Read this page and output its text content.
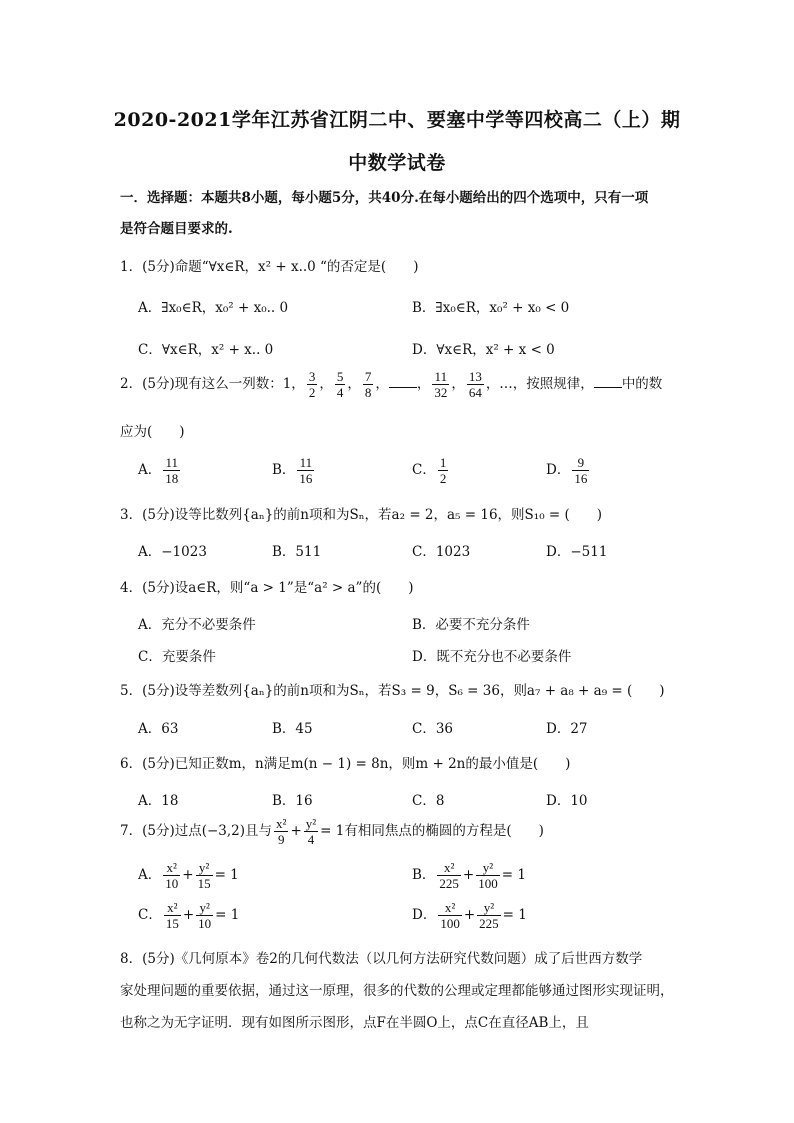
2020-2021学年江苏省江阴二中、要塞中学等四校高二（上）期
中数学试卷
一．选择题：本题共8小题，每小题5分，共40分.在每小题给出的四个选项中，只有一项
是符合题目要求的.
1．(5分)命题“∀x∈R，x² + x..0 “的否定是(　　)
A．∃x₀∈R，x₀² + x₀.. 0	B．∃x₀∈R，x₀² + x₀ < 0
C．∀x∈R，x² + x.. 0	D．∀x∈R，x² + x < 0
2．(5分)现有这么一列数：1， $\frac{3}{2}$ ， $\frac{5}{4}$ ， $\frac{7}{8}$ ， ， $\frac{11}{32}$ ， $\frac{13}{64}$ ，…，按照规律， 中的数
应为(　　)
A． $\frac{11}{18}$	B． $\frac{11}{16}$	C． $\frac{1}{2}$	D． $\frac{9}{16}$
3．(5分)设等比数列{aₙ}的前n项和为Sₙ，若a₂ = 2，a₅ = 16，则S₁₀ = (　　)
A．−1023	B．511	C．1023	D．−511
4．(5分)设a∈R，则“a > 1”是“a² > a”的(　　)
A．充分不必要条件	B．必要不充分条件
C．充要条件	D．既不充分也不必要条件
5．(5分)设等差数列{aₙ}的前n项和为Sₙ，若S₃ = 9，S₆ = 36，则a₇ + a₈ + a₉ = (　　)
A．63	B．45	C．36	D．27
6．(5分)已知正数m，n满足m(n − 1) = 8n，则m + 2n的最小值是(　　)
A．18	B．16	C．8	D．10
7．(5分)过点(−3,2)且与 $\frac{\text{x²}}{9} + \frac{\text{y²}}{4} = 1$有相同焦点的椭圆的方程是(　　)
A． $\frac{\text{x²}}{10} + \frac{\text{y²}}{15} = 1$	B． $\frac{\text{x²}}{225} + \frac{\text{y²}}{100} = 1$
C． $\frac{\text{x²}}{15} + \frac{\text{y²}}{10} = 1$	D． $\frac{\text{x²}}{100} + \frac{\text{y²}}{225} = 1$
8．(5分)《几何原本》卷2的几何代数法（以几何方法研究代数问题）成了后世西方数学
家处理问题的重要依据，通过这一原理，很多的代数的公理或定理都能够通过图形实现证明，
也称之为无字证明．现有如图所示图形，点F在半圆O上，点C在直径AB上，且
